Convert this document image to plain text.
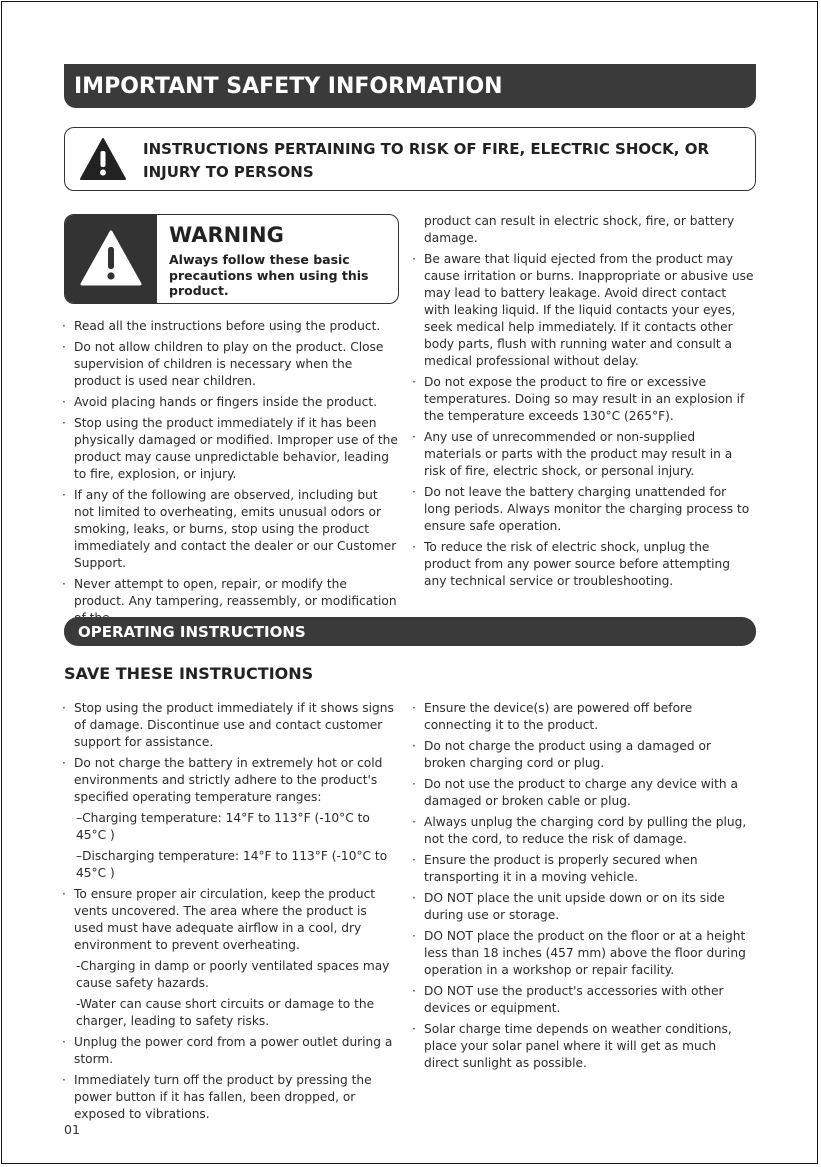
IMPORTANT SAFETY INFORMATION
INSTRUCTIONS PERTAINING TO RISK OF FIRE, ELECTRIC SHOCK, OR INJURY TO PERSONS
WARNING
Always follow these basic precautions when using this product.
· Read all the instructions before using the product.
· Do not allow children to play on the product. Close supervision of children is necessary when the product is used near children.
· Avoid placing hands or fingers inside the product.
· Stop using the product immediately if it has been physically damaged or modified. Improper use of the product may cause unpredictable behavior, leading to fire, explosion, or injury.
· If any of the following are observed, including but not limited to overheating, emits unusual odors or smoking, leaks, or burns, stop using the product immediately and contact the dealer or our Customer Support.
· Never attempt to open, repair, or modify the product. Any tampering, reassembly, or modification
product can result in electric shock, fire, or battery damage.
· Be aware that liquid ejected from the product may cause irritation or burns. Inappropriate or abusive use may lead to battery leakage. Avoid direct contact with leaking liquid. If the liquid contacts your eyes, seek medical help immediately. If it contacts other body parts, flush with running water and consult a medical professional without delay.
· Do not expose the product to fire or excessive temperatures. Doing so may result in an explosion if the temperature exceeds 130°C (265°F).
· Any use of unrecommended or non-supplied materials or parts with the product may result in a risk of fire, electric shock, or personal injury.
· Do not leave the battery charging unattended for long periods. Always monitor the charging process to ensure safe operation.
· To reduce the risk of electric shock, unplug the product from any power source before attempting any technical service or troubleshooting.
OPERATING INSTRUCTIONS
SAVE THESE INSTRUCTIONS
· Stop using the product immediately if it shows signs of damage. Discontinue use and contact customer support for assistance.
· Do not charge the battery in extremely hot or cold environments and strictly adhere to the product's specified operating temperature ranges:
–Charging temperature: 14°F to 113°F (-10°C to 45°C )
–Discharging temperature: 14°F to 113°F (-10°C to 45°C )
· To ensure proper air circulation, keep the product vents uncovered. The area where the product is used must have adequate airflow in a cool, dry environment to prevent overheating.
-Charging in damp or poorly ventilated spaces may cause safety hazards.
-Water can cause short circuits or damage to the charger, leading to safety risks.
· Unplug the power cord from a power outlet during a storm.
· Immediately turn off the product by pressing the power button if it has fallen, been dropped, or exposed to vibrations.
· Ensure the device(s) are powered off before connecting it to the product.
· Do not charge the product using a damaged or broken charging cord or plug.
· Do not use the product to charge any device with a damaged or broken cable or plug.
· Always unplug the charging cord by pulling the plug, not the cord, to reduce the risk of damage.
· Ensure the product is properly secured when transporting it in a moving vehicle.
· DO NOT place the unit upside down or on its side during use or storage.
· DO NOT place the product on the floor or at a height less than 18 inches (457 mm) above the floor during operation in a workshop or repair facility.
· DO NOT use the product's accessories with other devices or equipment.
· Solar charge time depends on weather conditions, place your solar panel where it will get as much direct sunlight as possible.
01
